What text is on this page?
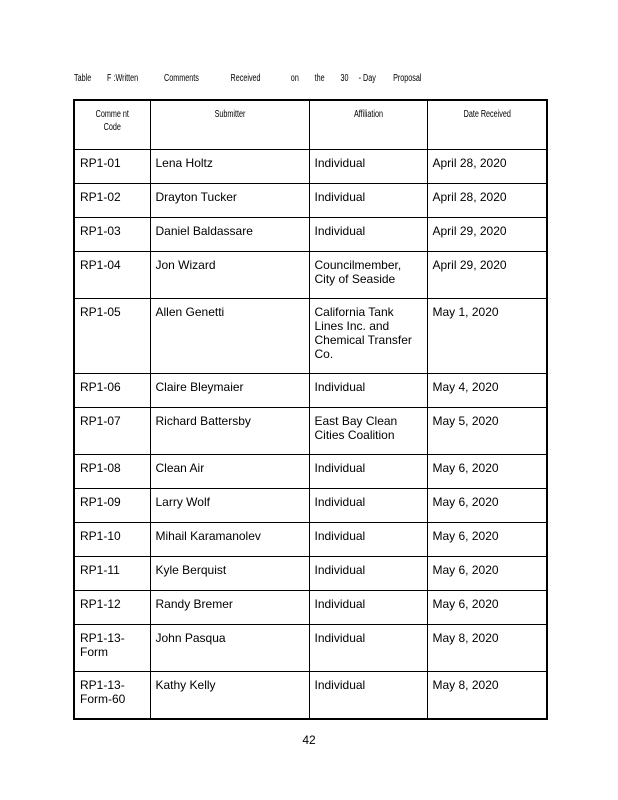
Table F :Written	Comments	Received	on the 30 - Day Proposal
Comme nt
Code	Submitter	Affiliation	Date Received

RP1-01	Lena Holtz	Individual	April 28, 2020

RP1-02	Drayton Tucker	Individual	April 28, 2020

RP1-03	Daniel Baldassare	Individual	April 29, 2020

RP1-04	Jon Wizard	Councilmember, City of Seaside	April 29, 2020

RP1-05	Allen Genetti	California Tank Lines Inc. and Chemical Transfer Co.	May 1, 2020

RP1-06	Claire Bleymaier	Individual	May 4, 2020

RP1-07	Richard Battersby	East Bay Clean Cities Coalition	May 5, 2020

RP1-08	Clean Air	Individual	May 6, 2020

RP1-09	Larry Wolf	Individual	May 6, 2020

RP1-10	Mihail Karamanolev	Individual	May 6, 2020

RP1-11	Kyle Berquist	Individual	May 6, 2020

RP1-12	Randy Bremer	Individual	May 6, 2020

RP1-13-Form	John Pasqua	Individual	May 8, 2020

RP1-13-Form-60	Kathy Kelly	Individual	May 8, 2020
42
